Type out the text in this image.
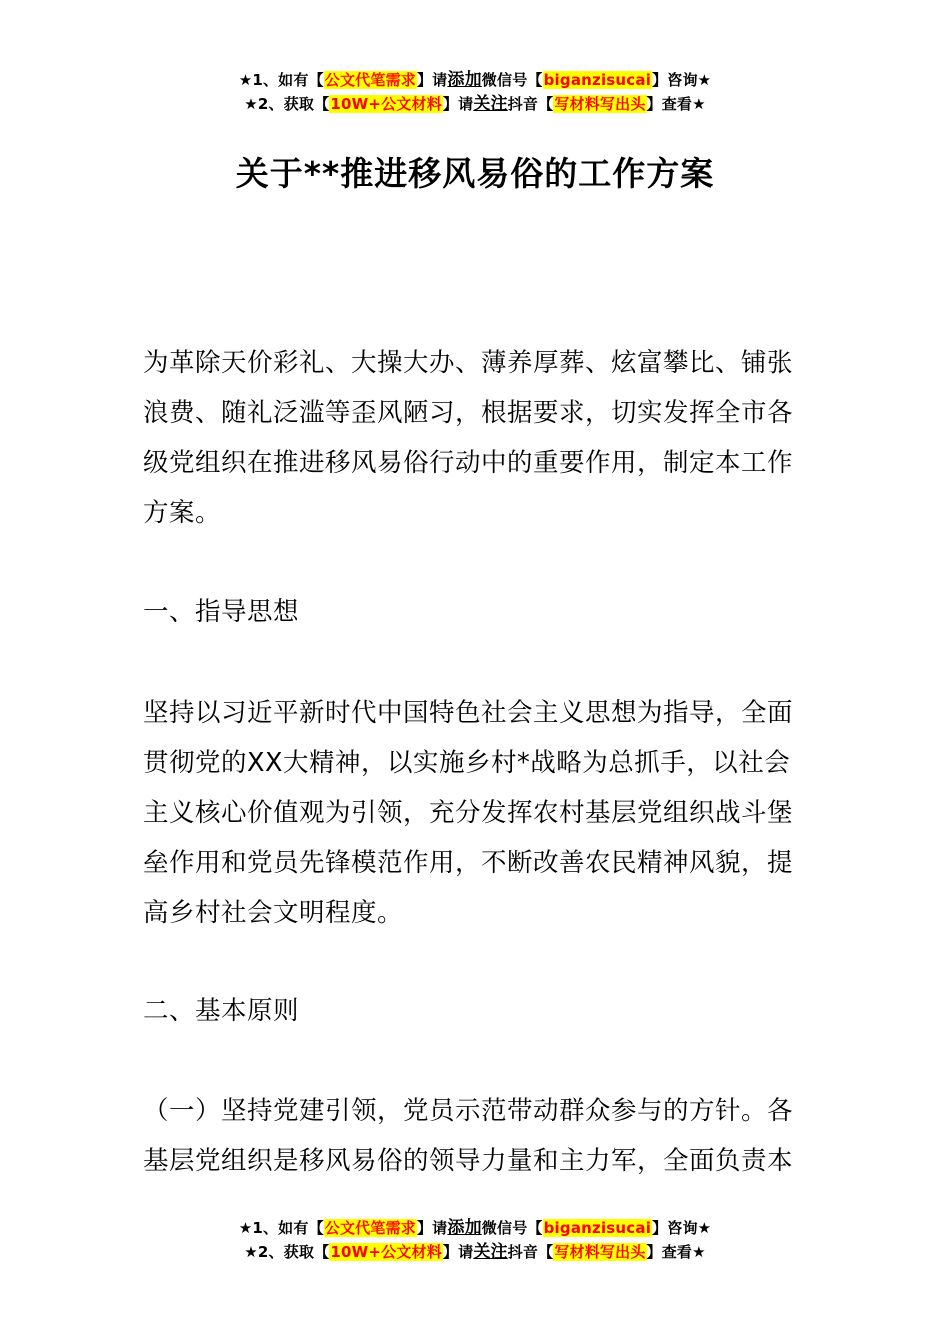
★1、如有【公文代笔需求】请添加微信号【biganzisucai】咨询★
★2、获取【10W+公文材料】请关注抖音【写材料写出头】查看★
关于**推进移风易俗的工作方案

为革除天价彩礼、大操大办、薄养厚葬、炫富攀比、铺张浪费、随礼泛滥等歪风陋习，根据要求，切实发挥全市各级党组织在推进移风易俗行动中的重要作用，制定本工作方案。

一、指导思想

坚持以习近平新时代中国特色社会主义思想为指导，全面贯彻党的XX大精神，以实施乡村*战略为总抓手，以社会主义核心价值观为引领，充分发挥农村基层党组织战斗堡垒作用和党员先锋模范作用，不断改善农民精神风貌，提高乡村社会文明程度。

二、基本原则

（一）坚持党建引领，党员示范带动群众参与的方针。各基层党组织是移风易俗的领导力量和主力军，全面负责本

★1、如有【公文代笔需求】请添加微信号【biganzisucai】咨询★
★2、获取【10W+公文材料】请关注抖音【写材料写出头】查看★
